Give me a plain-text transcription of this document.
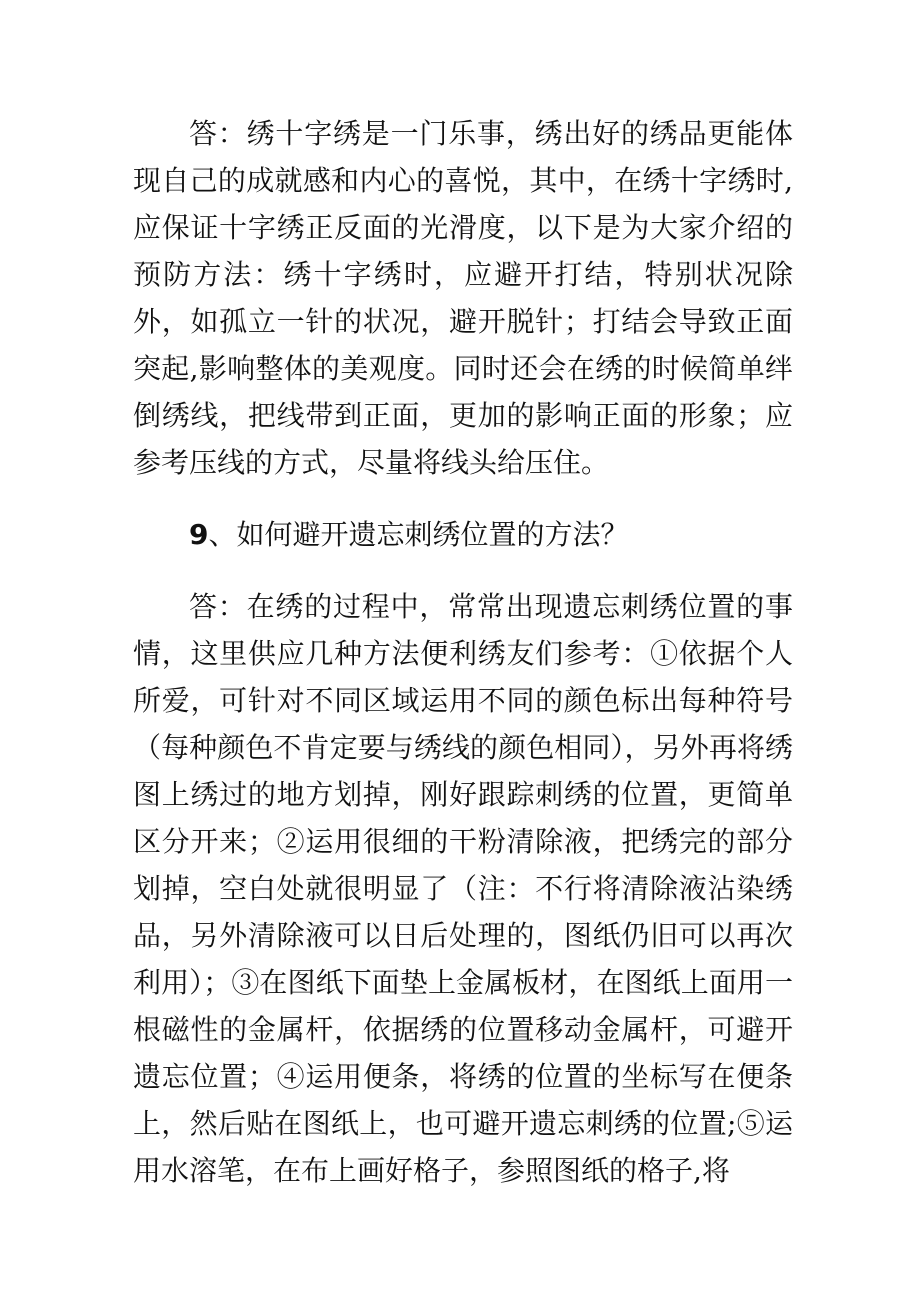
答：绣十字绣是一门乐事，绣出好的绣品更能体现自己的成就感和内心的喜悦，其中，在绣十字绣时,应保证十字绣正反面的光滑度，以下是为大家介绍的预防方法：绣十字绣时，应避开打结，特别状况除外，如孤立一针的状况，避开脱针；打结会导致正面突起,影响整体的美观度。同时还会在绣的时候简单绊倒绣线，把线带到正面，更加的影响正面的形象；应参考压线的方式，尽量将线头给压住。

9、如何避开遗忘刺绣位置的方法？

答：在绣的过程中，常常出现遗忘刺绣位置的事情，这里供应几种方法便利绣友们参考：①依据个人所爱，可针对不同区域运用不同的颜色标出每种符号（每种颜色不肯定要与绣线的颜色相同），另外再将绣图上绣过的地方划掉，刚好跟踪刺绣的位置，更简单区分开来；②运用很细的干粉清除液，把绣完的部分划掉，空白处就很明显了（注：不行将清除液沾染绣品，另外清除液可以日后处理的，图纸仍旧可以再次利用）；③在图纸下面垫上金属板材，在图纸上面用一根磁性的金属杆，依据绣的位置移动金属杆，可避开遗忘位置；④运用便条，将绣的位置的坐标写在便条上，然后贴在图纸上，也可避开遗忘刺绣的位置;⑤运用水溶笔，在布上画好格子，参照图纸的格子,将
